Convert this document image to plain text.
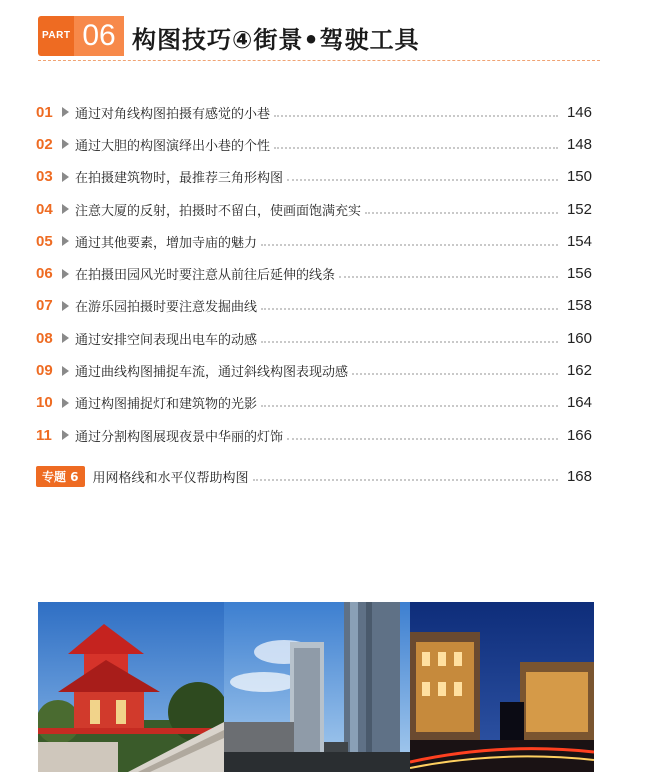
PART 06 构图技巧④街景•驾驶工具
01	通过对角线构图拍摄有感觉的小巷	146
02	通过大胆的构图演绎出小巷的个性	148
03	在拍摄建筑物时，最推荐三角形构图	150
04	注意大厦的反射，拍摄时不留白，使画面饱满充实	152
05	通过其他要素，增加寺庙的魅力	154
06	在拍摄田园风光时要注意从前往后延伸的线条	156
07	在游乐园拍摄时要注意发掘曲线	158
08	通过安排空间表现出电车的动感	160
09	通过曲线构图捕捉车流，通过斜线构图表现动感	162
10	通过构图捕捉灯和建筑物的光影	164
11	通过分割构图展现夜景中华丽的灯饰	166
专题 6	用网格线和水平仪帮助构图	168
